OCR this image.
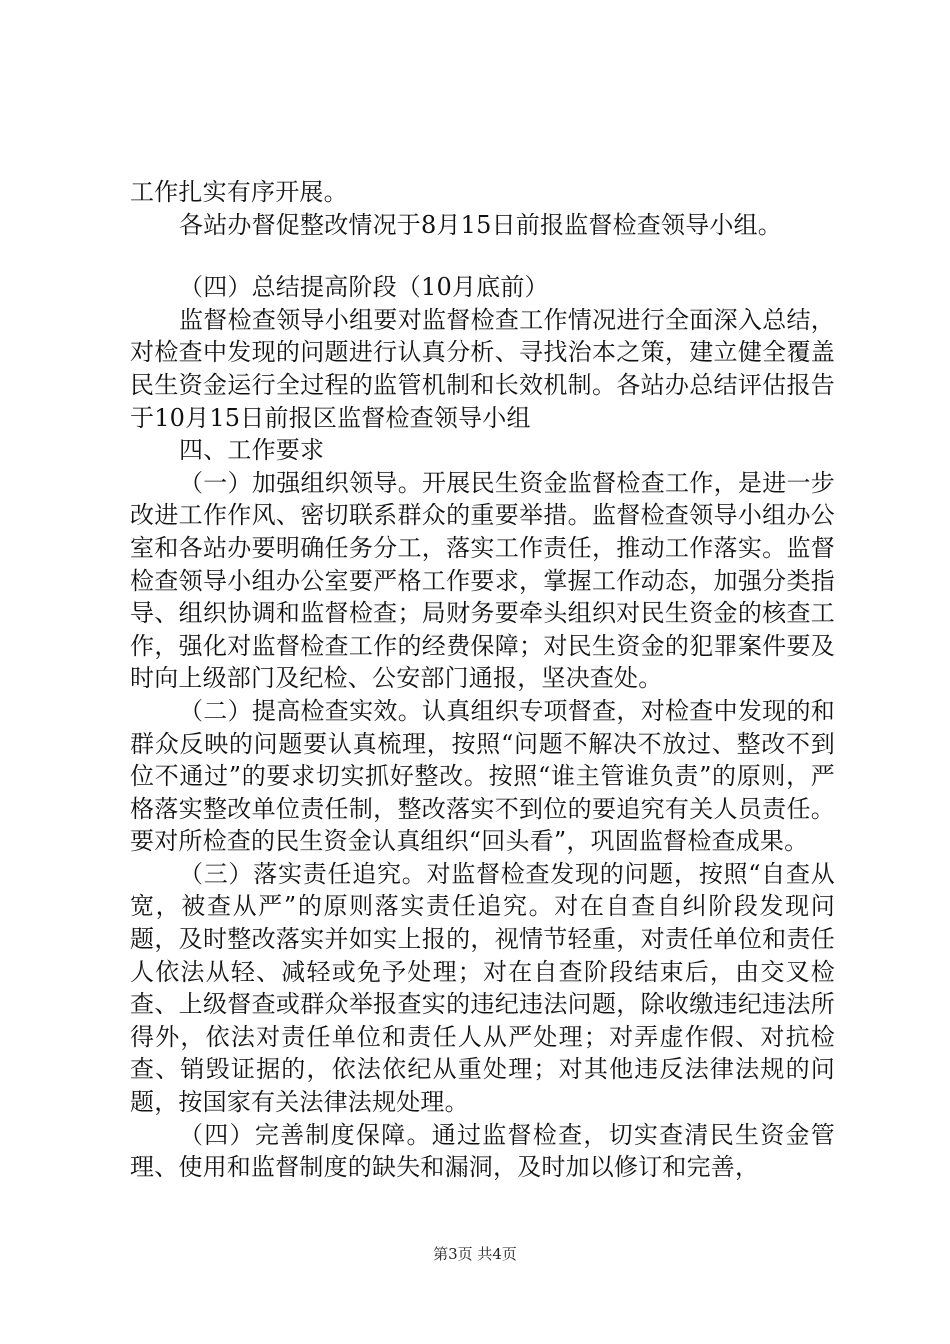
工作扎实有序开展。

各站办督促整改情况于8月15日前报监督检查领导小组。

（四）总结提高阶段（10月底前）

监督检查领导小组要对监督检查工作情况进行全面深入总结，对检查中发现的问题进行认真分析、寻找治本之策，建立健全覆盖民生资金运行全过程的监管机制和长效机制。各站办总结评估报告于10月15日前报区监督检查领导小组

四、工作要求

（一）加强组织领导。开展民生资金监督检查工作，是进一步改进工作作风、密切联系群众的重要举措。监督检查领导小组办公室和各站办要明确任务分工，落实工作责任，推动工作落实。监督检查领导小组办公室要严格工作要求，掌握工作动态，加强分类指导、组织协调和监督检查；局财务要牵头组织对民生资金的核查工作，强化对监督检查工作的经费保障；对民生资金的犯罪案件要及时向上级部门及纪检、公安部门通报，坚决查处。

（二）提高检查实效。认真组织专项督查，对检查中发现的和群众反映的问题要认真梳理，按照“问题不解决不放过、整改不到位不通过”的要求切实抓好整改。按照“谁主管谁负责”的原则，严格落实整改单位责任制，整改落实不到位的要追究有关人员责任。要对所检查的民生资金认真组织“回头看”，巩固监督检查成果。

（三）落实责任追究。对监督检查发现的问题，按照“自查从宽，被查从严”的原则落实责任追究。对在自查自纠阶段发现问题，及时整改落实并如实上报的，视情节轻重，对责任单位和责任人依法从轻、减轻或免予处理；对在自查阶段结束后，由交叉检查、上级督查或群众举报查实的违纪违法问题，除收缴违纪违法所得外，依法对责任单位和责任人从严处理；对弄虚作假、对抗检查、销毁证据的，依法依纪从重处理；对其他违反法律法规的问题，按国家有关法律法规处理。

（四）完善制度保障。通过监督检查，切实查清民生资金管理、使用和监督制度的缺失和漏洞，及时加以修订和完善，

第3页 共4页
